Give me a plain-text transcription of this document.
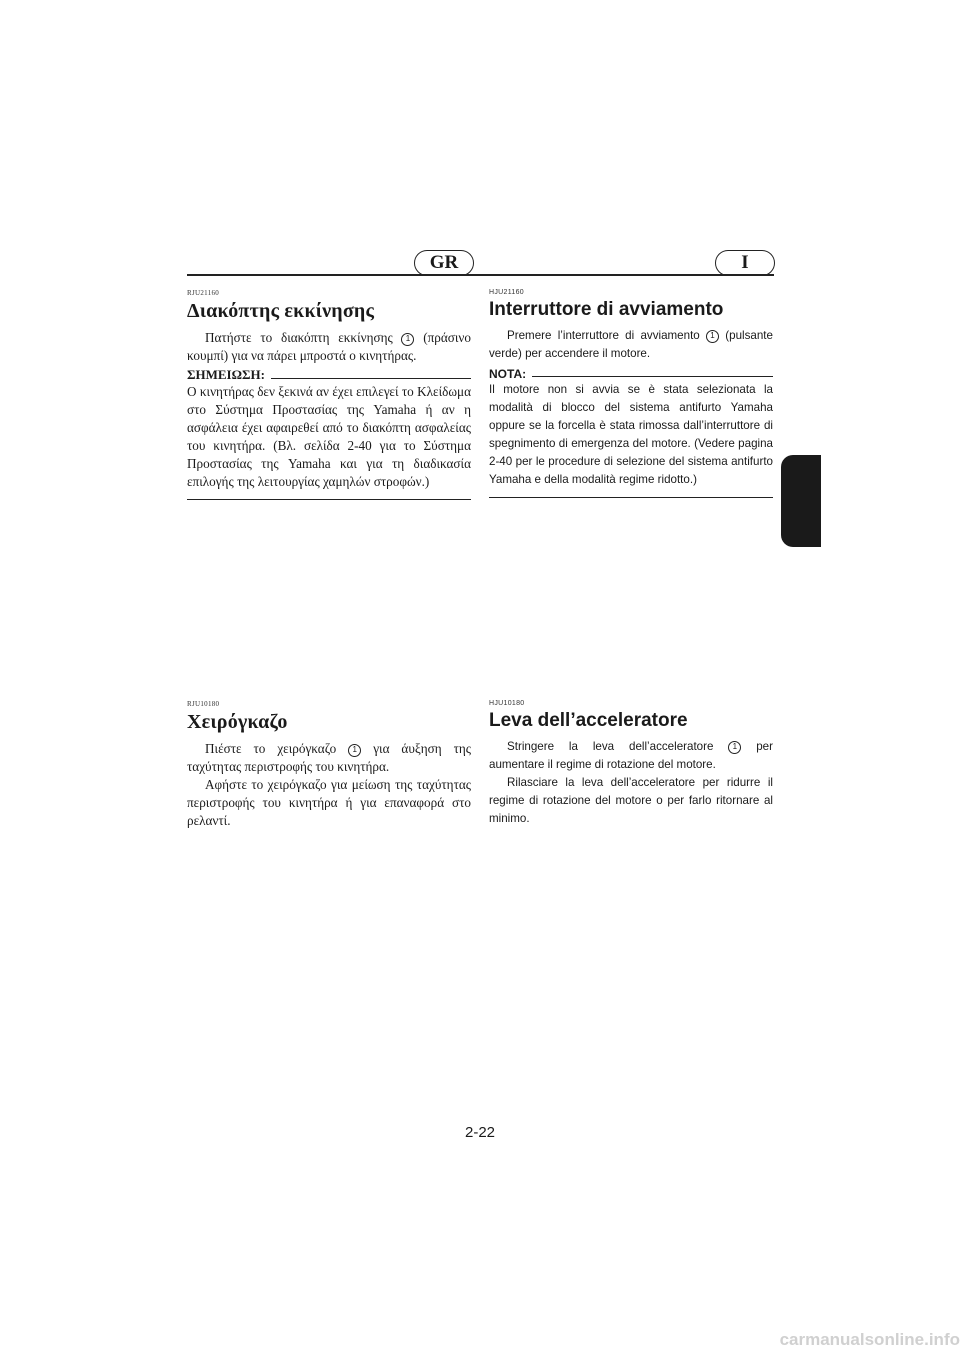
GR	I
RJU21160
Διακόπτης εκκίνησης

Πατήστε το διακόπτη εκκίνησης 1 (πράσινο κουμπί) για να πάρει μπροστά ο κινητήρας.

ΣΗΜΕΙΩΣΗ:

Ο κινητήρας δεν ξεκινά αν έχει επιλεγεί το Κλείδωμα στο Σύστημα Προστασίας της Yamaha ή αν η ασφάλεια έχει αφαιρεθεί από το διακόπτη ασφαλείας του κινητήρα. (Βλ. σελίδα 2-40 για το Σύστημα Προστασίας της Yamaha και για τη διαδικασία επιλογής της λειτουργίας χαμηλών στροφών.)

HJU21160
Interruttore di avviamento

Premere l’interruttore di avviamento 1 (pulsante verde) per accendere il motore.

NOTA:

Il motore non si avvia se è stata selezionata la modalità di blocco del sistema antifurto Yamaha oppure se la forcella è stata rimossa dall’interruttore di spegnimento di emergenza del motore. (Vedere pagina 2-40 per le procedure di selezione del sistema antifurto Yamaha e della modalità regime ridotto.)

RJU10180
Χειρόγκαζο

Πιέστε το χειρόγκαζο 1 για άυξηση της ταχύτητας περιστροφής του κινητήρα.

Αφήστε το χειρόγκαζο για μείωση της ταχύτητας περιστροφής του κινητήρα ή για επαναφορά στο ρελαντί.

HJU10180
Leva dell’acceleratore

Stringere la leva dell’acceleratore 1 per aumentare il regime di rotazione del motore.

Rilasciare la leva dell’acceleratore per ridurre il regime di rotazione del motore o per farlo ritornare al minimo.

2-22
carmanualsonline.info
